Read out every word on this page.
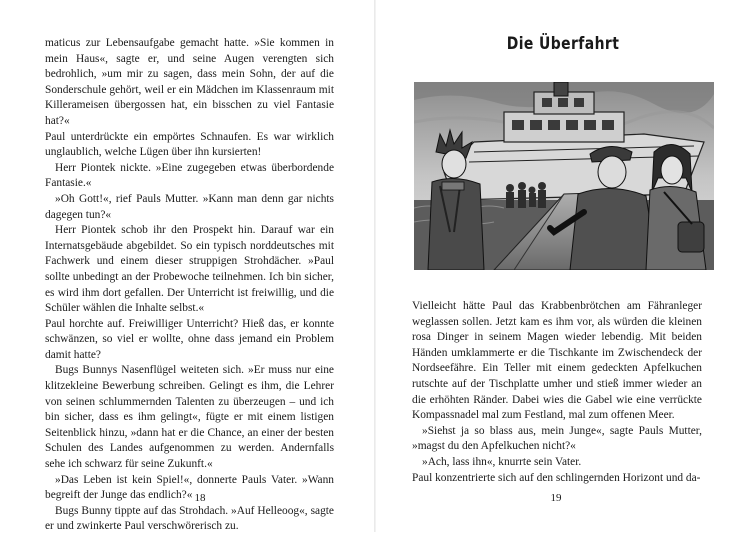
maticus zur Lebensaufgabe gemacht hatte. »Sie kommen in mein Haus«, sagte er, und seine Augen verengten sich bedrohlich, »um mir zu sagen, dass mein Sohn, der auf die Sonderschule gehört, weil er ein Mädchen im Klassenraum mit Killerameisen übergossen hat, ein bisschen zu viel Fantasie hat?«

Paul unterdrückte ein empörtes Schnaufen. Es war wirklich unglaublich, welche Lügen über ihn kursierten!

Herr Piontek nickte. »Eine zugegeben etwas überbordende Fantasie.«

»Oh Gott!«, rief Pauls Mutter. »Kann man denn gar nichts dagegen tun?«

Herr Piontek schob ihr den Prospekt hin. Darauf war ein Internatsgebäude abgebildet. So ein typisch norddeutsches mit Fachwerk und einem dieser struppigen Strohdächer. »Paul sollte unbedingt an der Probewoche teilnehmen. Ich bin sicher, es wird ihm dort gefallen. Der Unterricht ist freiwillig, und die Schüler wählen die Inhalte selbst.«

Paul horchte auf. Freiwilliger Unterricht? Hieß das, er konnte schwänzen, so viel er wollte, ohne dass jemand ein Problem damit hatte?

Bugs Bunnys Nasenflügel weiteten sich. »Er muss nur eine klitzekleine Bewerbung schreiben. Gelingt es ihm, die Lehrer von seinen schlummernden Talenten zu überzeugen – und ich bin sicher, dass es ihm gelingt«, fügte er mit einem listigen Seitenblick hinzu, »dann hat er die Chance, an einer der besten Schulen des Landes aufgenommen zu werden. Andernfalls sehe ich schwarz für seine Zukunft.«

»Das Leben ist kein Spiel!«, donnerte Pauls Vater. »Wann begreift der Junge das endlich?«

Bugs Bunny tippte auf das Strohdach. »Auf Helleoog«, sagte er und zwinkerte Paul verschwörerisch zu.

18
Die Überfahrt

Vielleicht hätte Paul das Krabbenbrötchen am Fähranleger weglassen sollen. Jetzt kam es ihm vor, als würden die kleinen rosa Dinger in seinem Magen wieder lebendig. Mit beiden Händen umklammerte er die Tischkante im Zwischendeck der Nordseefähre. Ein Teller mit einem gedeckten Apfelkuchen rutschte auf der Tischplatte umher und stieß immer wieder an die erhöhten Ränder. Dabei wies die Gabel wie eine verrückte Kompassnadel mal zum Festland, mal zum offenen Meer.

»Siehst ja so blass aus, mein Junge«, sagte Pauls Mutter, »magst du den Apfelkuchen nicht?«

»Ach, lass ihn«, knurrte sein Vater.

Paul konzentrierte sich auf den schlingernden Horizont und da-

19
